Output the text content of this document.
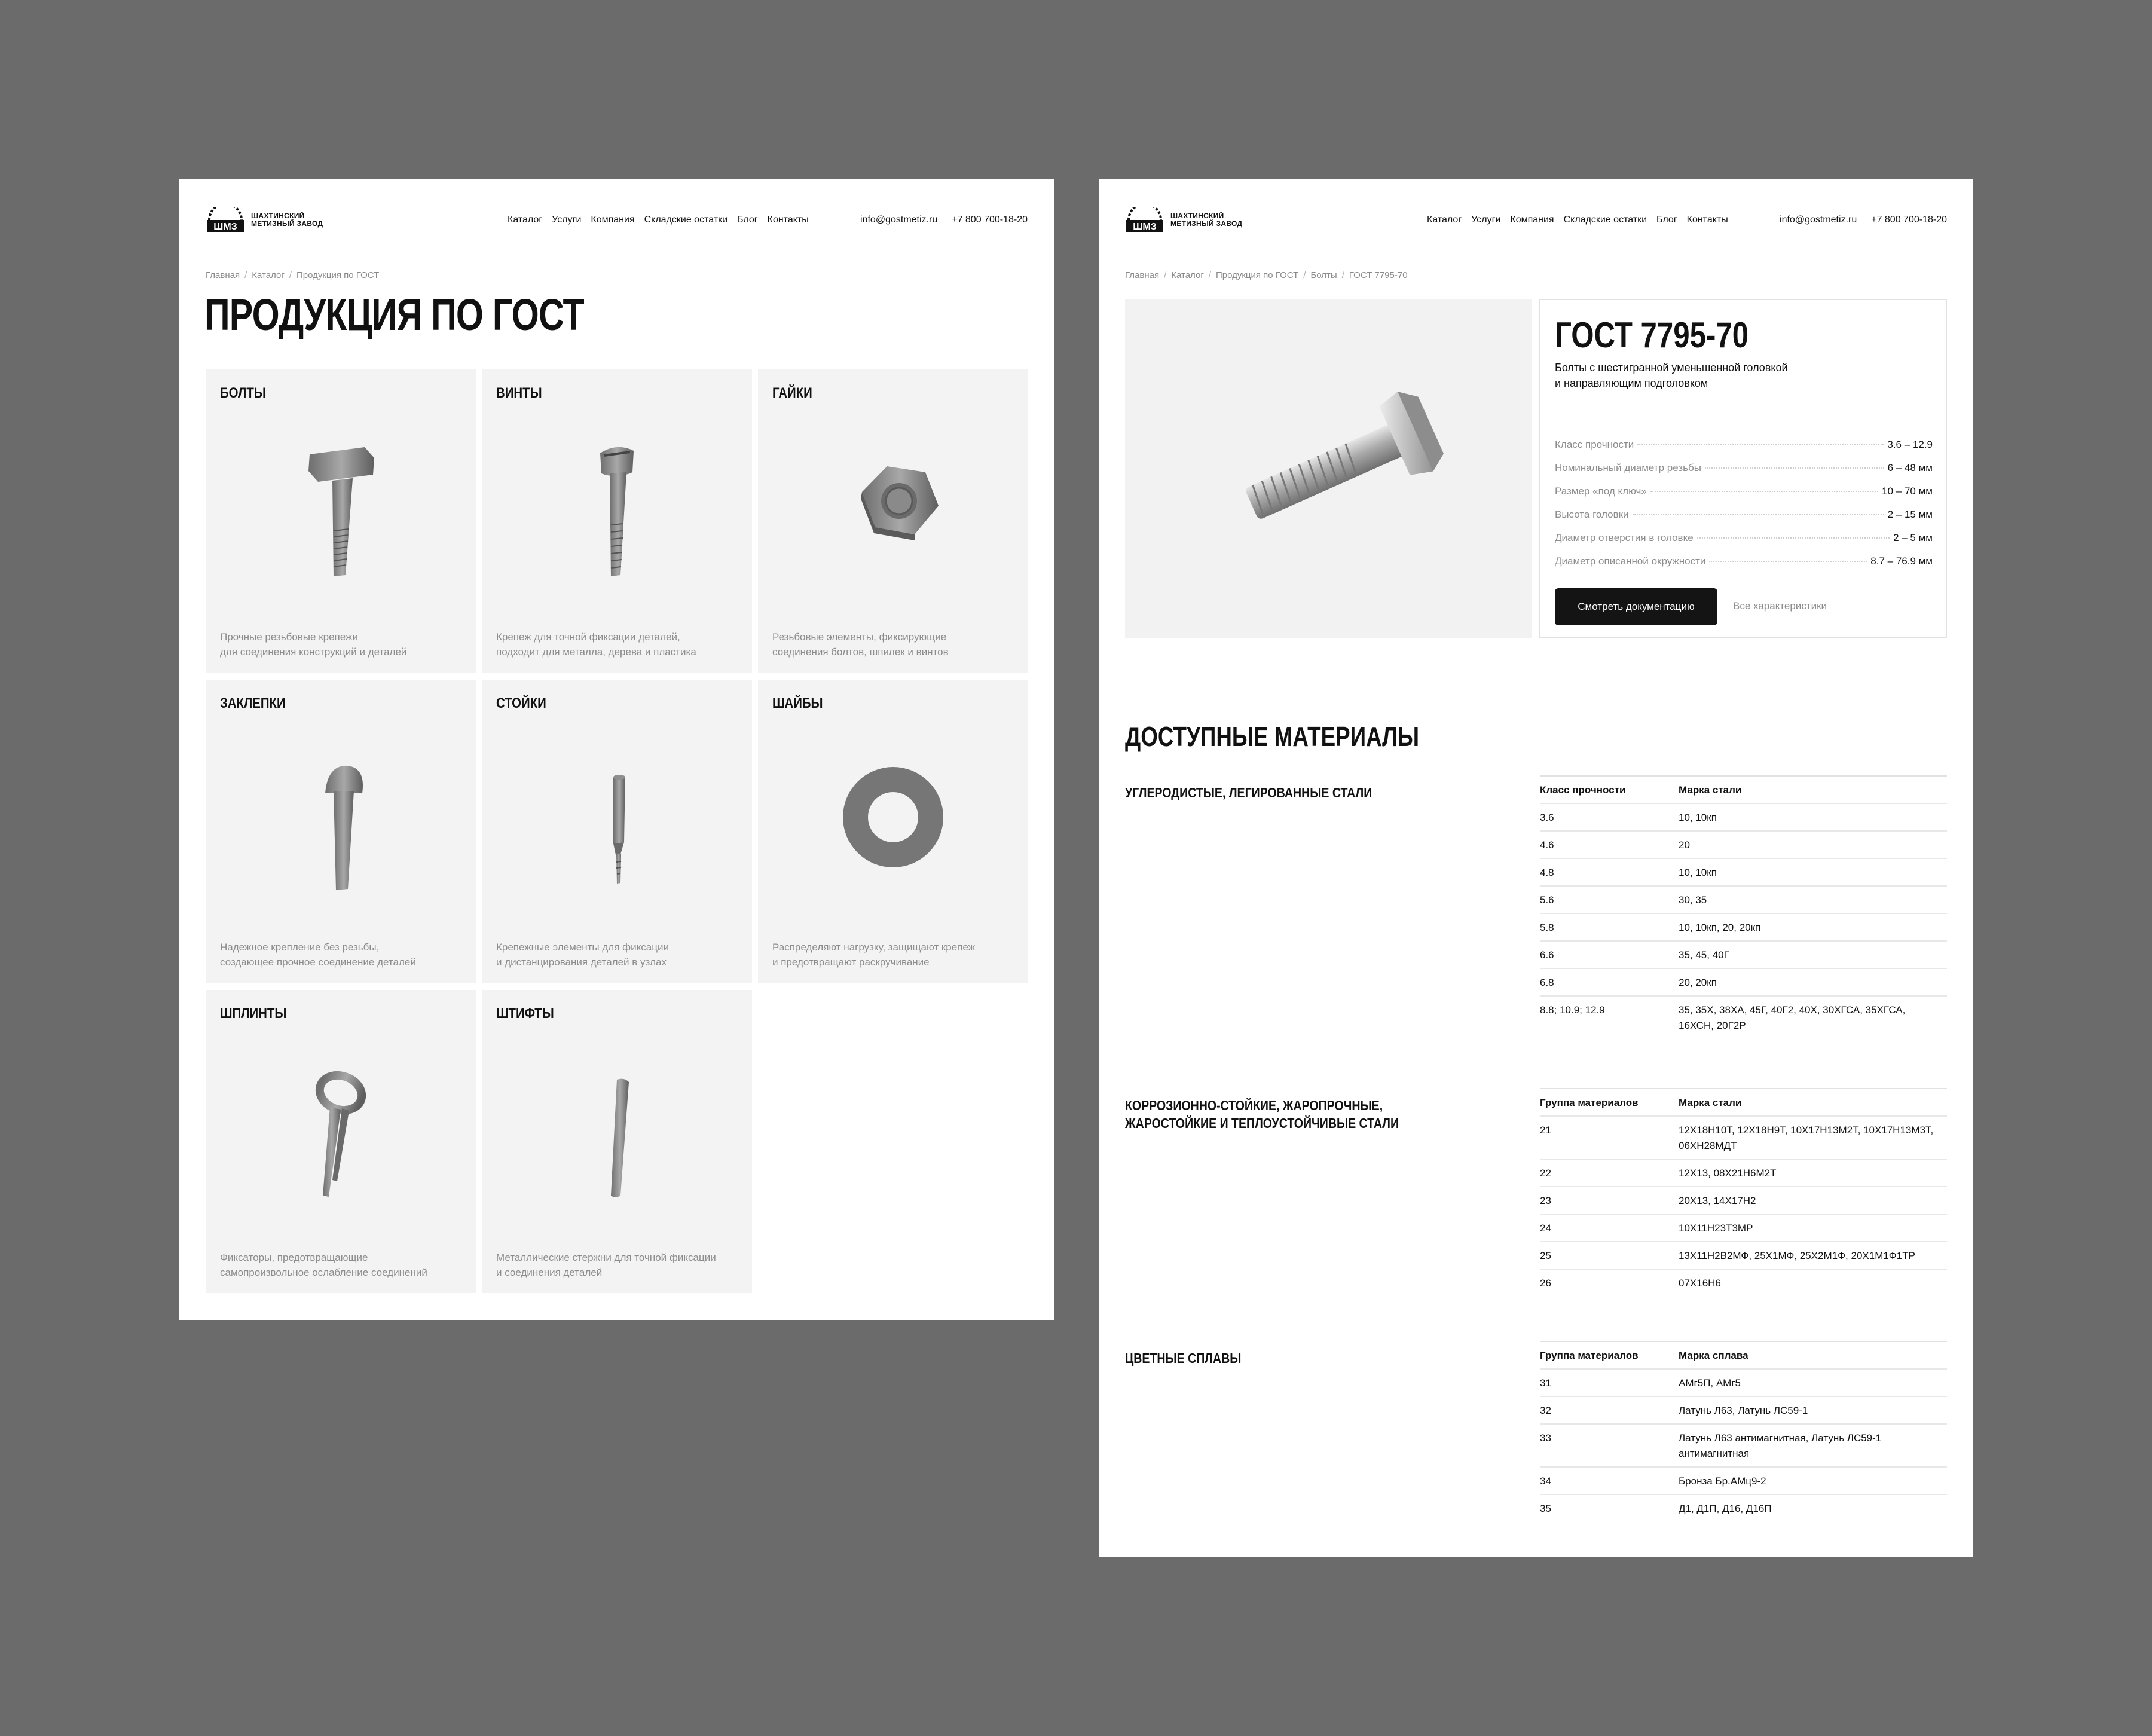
ШМЗ
ШАХТИНСКИЙ
МЕТИЗНЫЙ ЗАВОД	Каталог Услуги Компания Складские остатки Блог Контакты	info@gostmetiz.ru +7 800 700-18-20
Главная / Каталог / Продукция по ГОСТ
ПРОДУКЦИЯ ПО ГОСТ
БОЛТЫ
Прочные резьбовые крепежи
для соединения конструкций и деталей
ВИНТЫ
Крепеж для точной фиксации деталей,
подходит для металла, дерева и пластика
ГАЙКИ
Резьбовые элементы, фиксирующие
соединения болтов, шпилек и винтов
ЗАКЛЕПКИ
Надежное крепление без резьбы,
создающее прочное соединение деталей
СТОЙКИ
Крепежные элементы для фиксации
и дистанцирования деталей в узлах
ШАЙБЫ
Распределяют нагрузку, защищают крепеж
и предотвращают раскручивание
ШПЛИНТЫ
Фиксаторы, предотвращающие
самопроизвольное ослабление соединений
ШТИФТЫ
Металлические стержни для точной фиксации
и соединения деталей
ШМЗ
ШАХТИНСКИЙ
МЕТИЗНЫЙ ЗАВОД	Каталог Услуги Компания Складские остатки Блог Контакты	info@gostmetiz.ru +7 800 700-18-20
Главная / Каталог / Продукция по ГОСТ / Болты / ГОСТ 7795-70
ГОСТ 7795-70
Болты с шестигранной уменьшенной головкой
и направляющим подголовком
Класс прочности	3.6 – 12.9
Номинальный диаметр резьбы	6 – 48 мм
Размер «под ключ»	10 – 70 мм
Высота головки	2 – 15 мм
Диаметр отверстия в головке	2 – 5 мм
Диаметр описанной окружности	8.7 – 76.9 мм
Смотреть документацию	Все характеристики
ДОСТУПНЫЕ МАТЕРИАЛЫ
УГЛЕРОДИСТЫЕ, ЛЕГИРОВАННЫЕ СТАЛИ	Класс прочности	Марка стали
3.6	10, 10кп
4.6	20
4.8	10, 10кп
5.6	30, 35
5.8	10, 10кп, 20, 20кп
6.6	35, 45, 40Г
6.8	20, 20кп
8.8; 10.9; 12.9	35, 35Х, 38ХА, 45Г, 40Г2, 40Х, 30ХГСА, 35ХГСА, 16ХСН, 20Г2Р
КОРРОЗИОННО-СТОЙКИЕ, ЖАРОПРОЧНЫЕ,
ЖАРОСТОЙКИЕ И ТЕПЛОУСТОЙЧИВЫЕ СТАЛИ
Группа материалов	Марка стали
21	12Х18Н10Т, 12Х18Н9Т, 10Х17Н13М2Т, 10Х17Н13М3Т, 06ХН28МДТ
22	12Х13, 08Х21Н6М2Т
23	20Х13, 14Х17Н2
24	10Х11Н23Т3МР
25	13Х11Н2В2МФ, 25Х1МФ, 25Х2М1Ф, 20Х1М1Ф1ТР
26	07Х16Н6
ЦВЕТНЫЕ СПЛАВЫ	Группа материалов	Марка сплава
31	АМг5П, АМг5
32	Латунь Л63, Латунь ЛС59-1
33	Латунь Л63 антимагнитная, Латунь ЛС59-1 антимагнитная
34	Бронза Бр.АМц9-2
35	Д1, Д1П, Д16, Д16П
